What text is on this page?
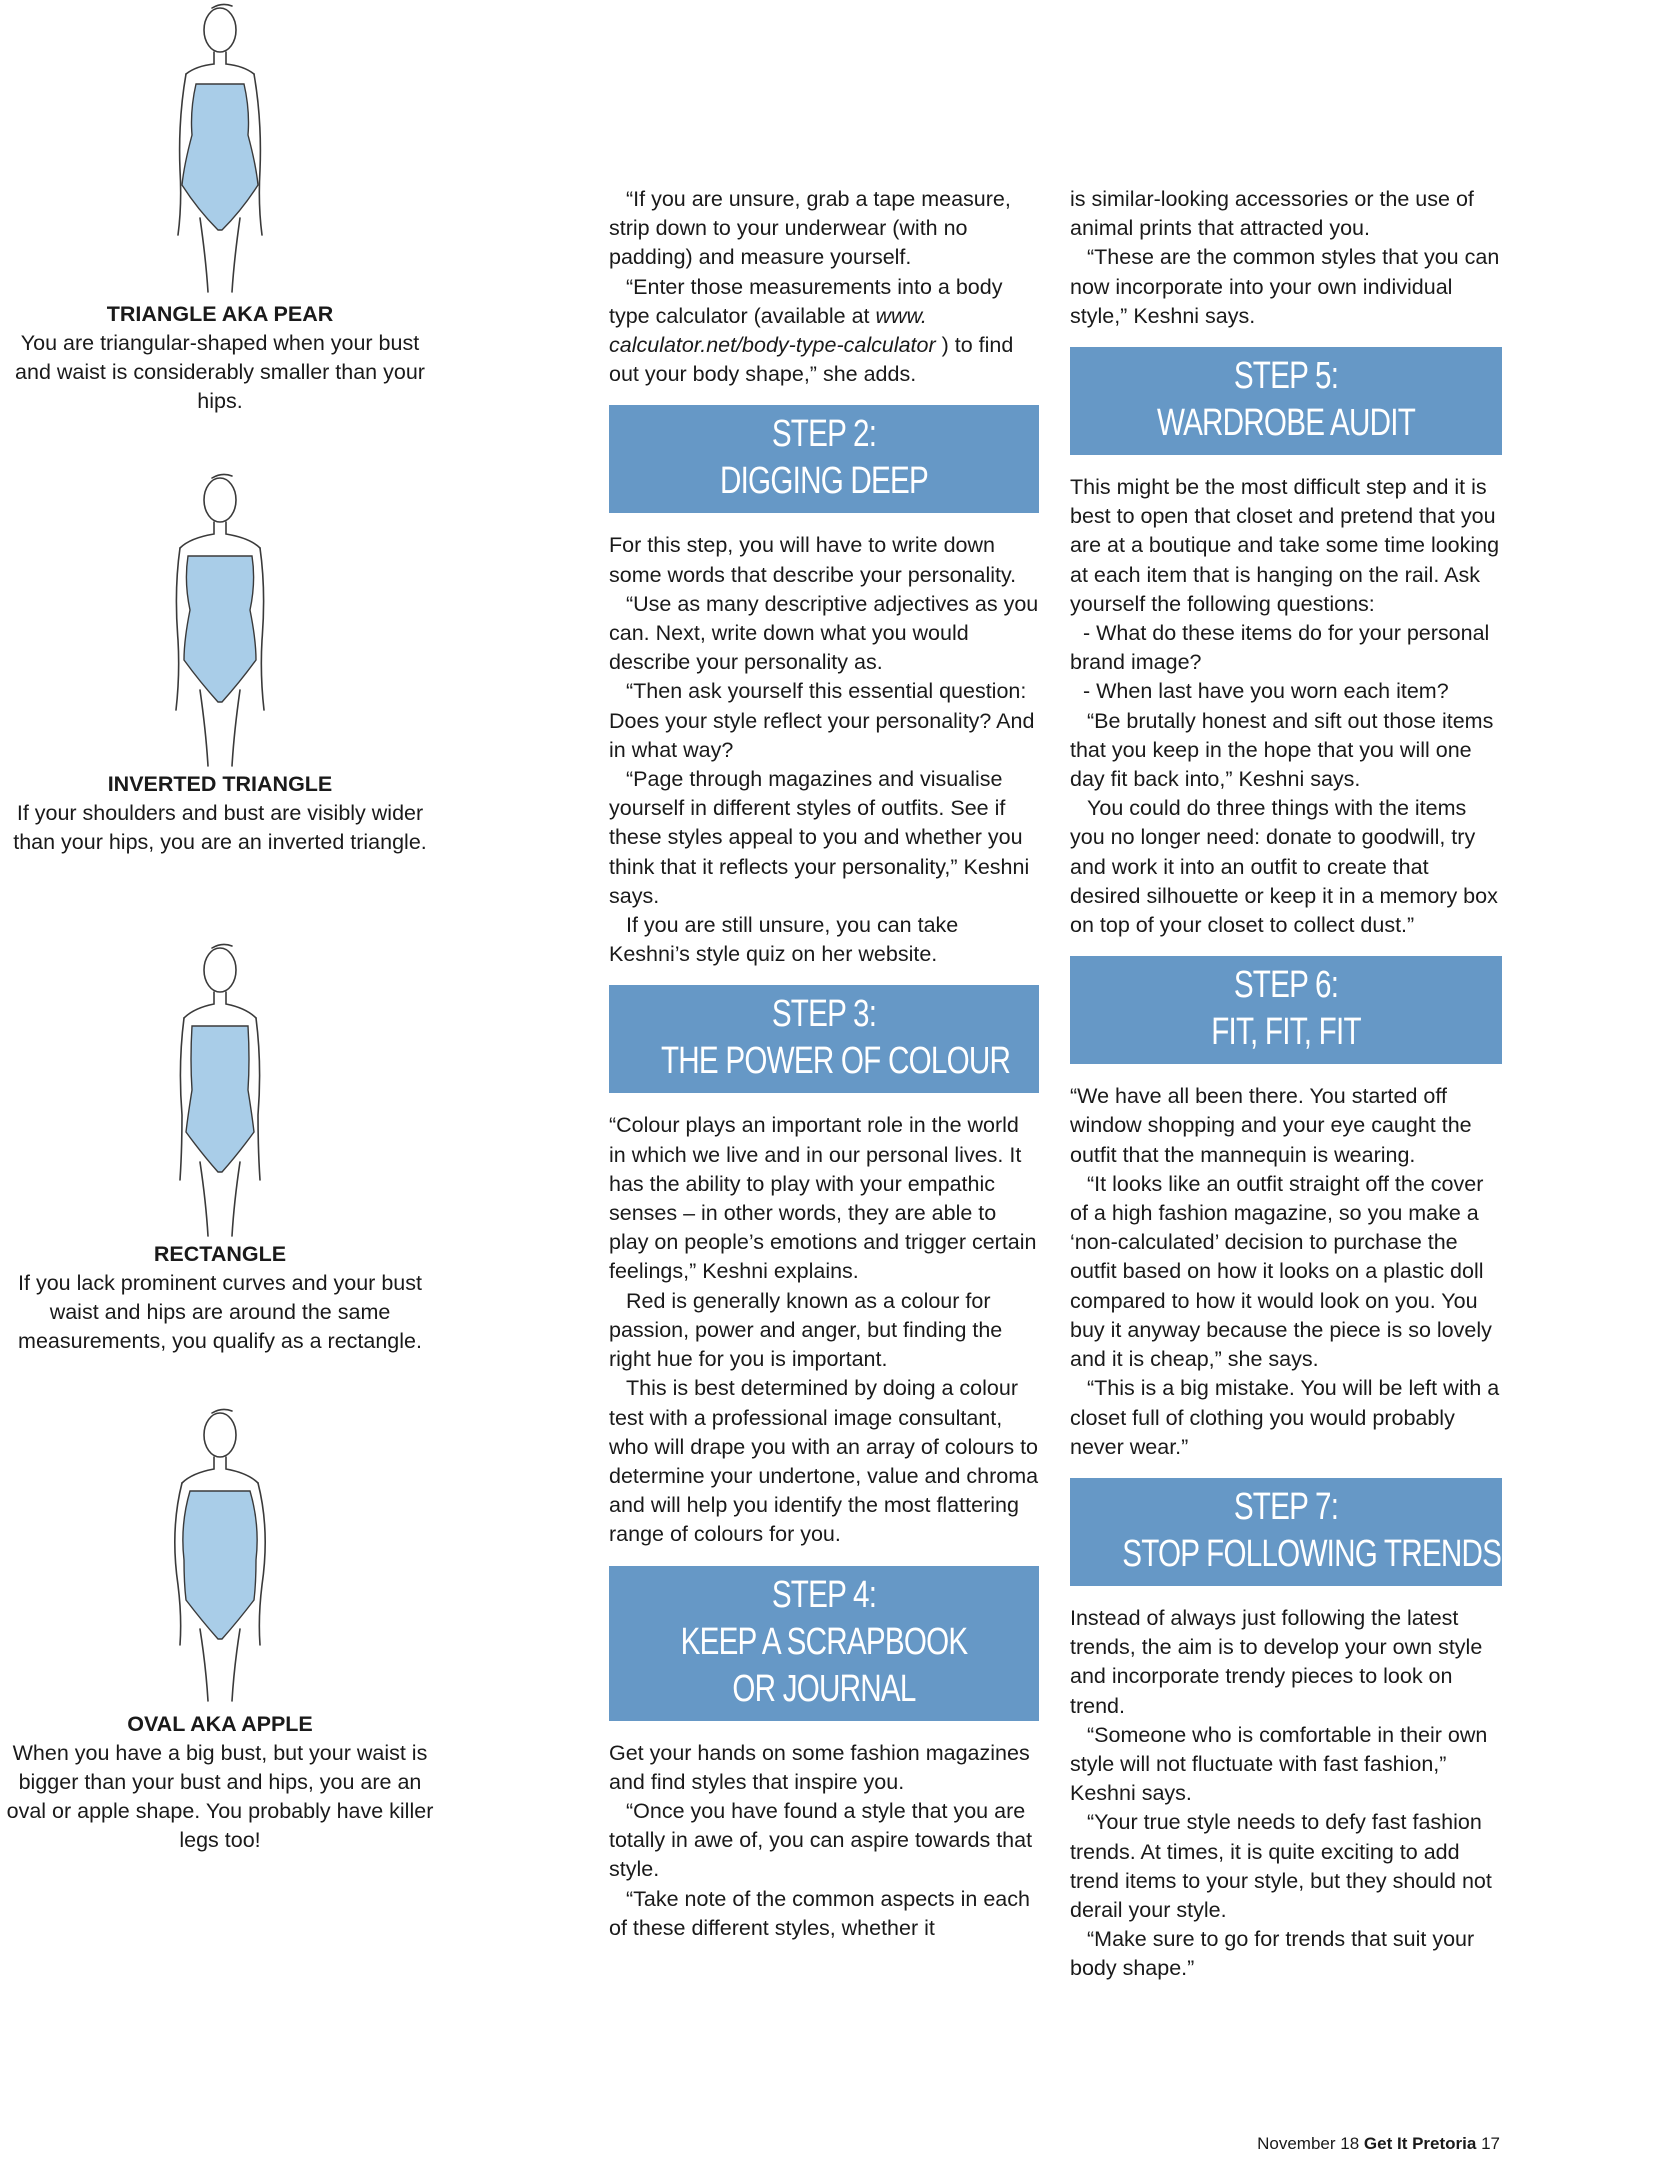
TRIANGLE AKA PEAR

You are triangular-shaped when your bust and waist is considerably smaller than your hips.

INVERTED TRIANGLE

If your shoulders and bust are visibly wider than your hips, you are an inverted triangle.

RECTANGLE

If you lack prominent curves and your bust waist and hips are around the same measurements, you qualify as a rectangle.

OVAL AKA APPLE

When you have a big bust, but your waist is bigger than your bust and hips, you are an oval or apple shape. You probably have killer legs too!

“If you are unsure, grab a tape measure, strip down to your underwear (with no padding) and measure yourself.

“Enter those measurements into a body type calculator (available at www. calculator.net/body-type-calculator ) to find out your body shape,” she adds.

STEP 2:
DIGGING DEEP

For this step, you will have to write down some words that describe your personality.

“Use as many descriptive adjectives as you can. Next, write down what you would describe your personality as.

“Then ask yourself this essential question: Does your style reflect your personality? And in what way?

“Page through magazines and visualise yourself in different styles of outfits. See if these styles appeal to you and whether you think that it reflects your personality,” Keshni says.

If you are still unsure, you can take Keshni’s style quiz on her website.

STEP 3:
THE POWER OF COLOUR

“Colour plays an important role in the world in which we live and in our personal lives. It has the ability to play with your empathic senses – in other words, they are able to play on people’s emotions and trigger certain feelings,” Keshni explains.

Red is generally known as a colour for passion, power and anger, but finding the right hue for you is important.

This is best determined by doing a colour test with a professional image consultant, who will drape you with an array of colours to determine your undertone, value and chroma and will help you identify the most flattering range of colours for you.

STEP 4:
KEEP A SCRAPBOOK
OR JOURNAL

Get your hands on some fashion magazines and find styles that inspire you.

“Once you have found a style that you are totally in awe of, you can aspire towards that style.

“Take note of the common aspects in each of these different styles, whether it

is similar-looking accessories or the use of animal prints that attracted you.

“These are the common styles that you can now incorporate into your own individual style,” Keshni says.

STEP 5:
WARDROBE AUDIT

This might be the most difficult step and it is best to open that closet and pretend that you are at a boutique and take some time looking at each item that is hanging on the rail. Ask yourself the following questions:

- What do these items do for your personal brand image?

- When last have you worn each item?

“Be brutally honest and sift out those items that you keep in the hope that you will one day fit back into,” Keshni says.

You could do three things with the items you no longer need: donate to goodwill, try and work it into an outfit to create that desired silhouette or keep it in a memory box on top of your closet to collect dust.”

STEP 6:
FIT, FIT, FIT

“We have all been there. You started off window shopping and your eye caught the outfit that the mannequin is wearing.

“It looks like an outfit straight off the cover of a high fashion magazine, so you make a ‘non-calculated’ decision to purchase the outfit based on how it looks on a plastic doll compared to how it would look on you. You buy it anyway because the piece is so lovely and it is cheap,” she says.

“This is a big mistake. You will be left with a closet full of clothing you would probably never wear.”

STEP 7:
STOP FOLLOWING TRENDS

Instead of always just following the latest trends, the aim is to develop your own style and incorporate trendy pieces to look on trend.

“Someone who is comfortable in their own style will not fluctuate with fast fashion,” Keshni says.

“Your true style needs to defy fast fashion trends. At times, it is quite exciting to add trend items to your style, but they should not derail your style.

“Make sure to go for trends that suit your body shape.”

November 18 Get It Pretoria 17
